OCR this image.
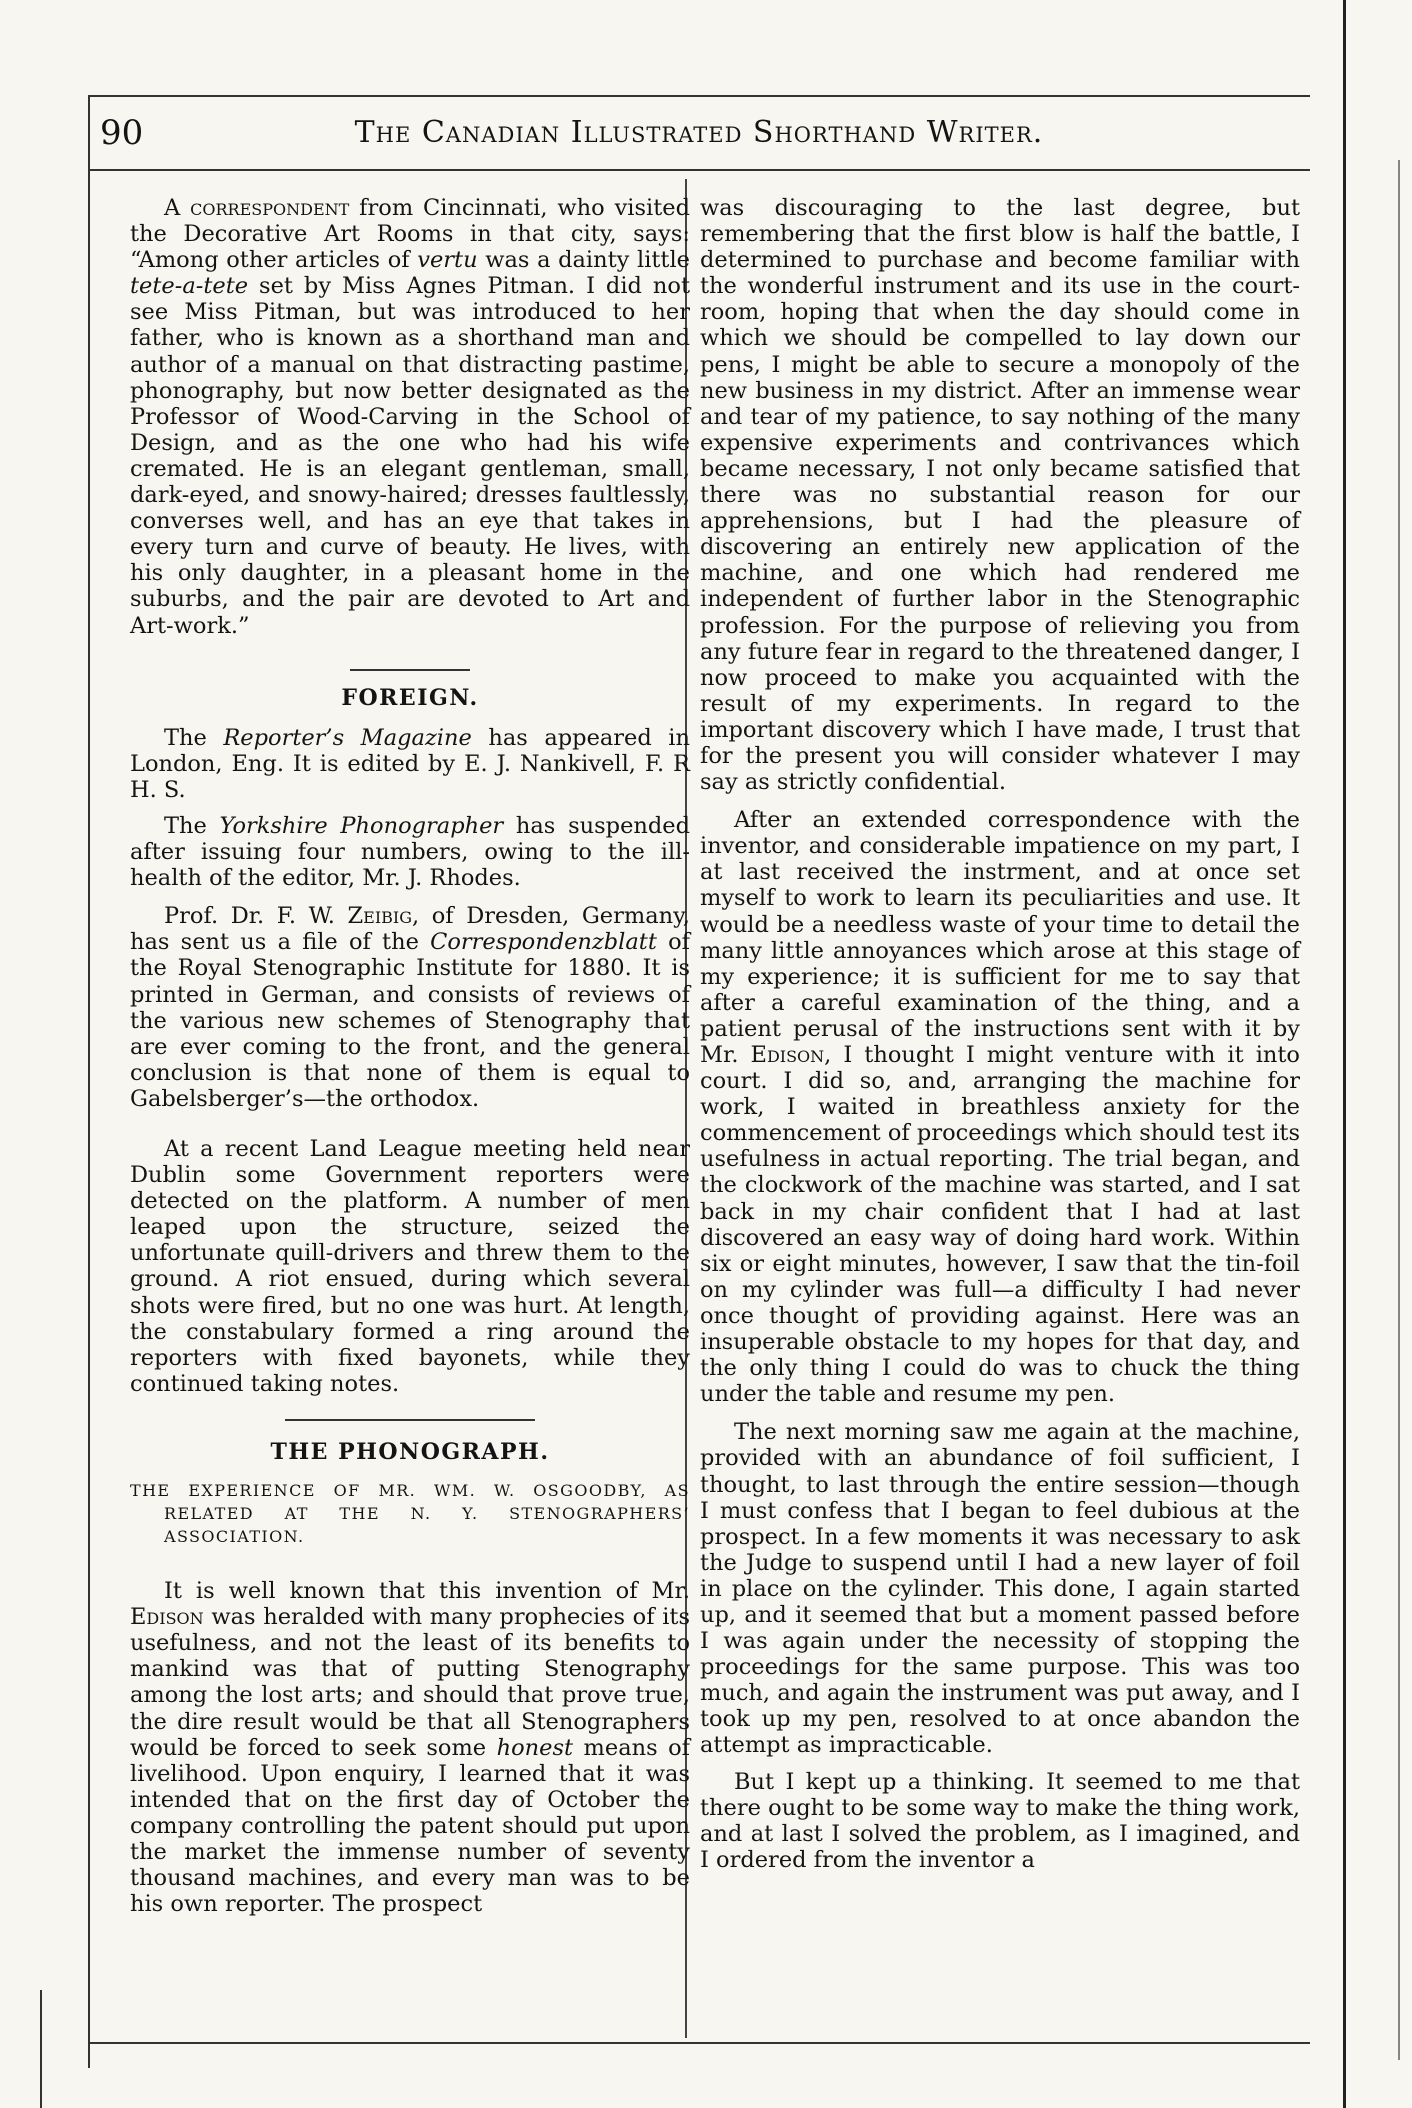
90	The Canadian Illustrated Shorthand Writer.

A correspondent from Cincinnati, who visited the Decorative Art Rooms in that city, says: “Among other articles of vertu was a dainty little tete-a-tete set by Miss Agnes Pitman. I did not see Miss Pitman, but was introduced to her father, who is known as a shorthand man and author of a manual on that distracting pastime, phonography, but now better designated as the Professor of Wood-Carving in the School of Design, and as the one who had his wife cremated. He is an elegant gentleman, small, dark-eyed, and snowy-haired; dresses faultlessly, converses well, and has an eye that takes in every turn and curve of beauty. He lives, with his only daughter, in a pleasant home in the suburbs, and the pair are devoted to Art and Art-work.”

FOREIGN.

The Reporter’s Magazine has appeared in London, Eng. It is edited by E. J. Nankivell, F. R H. S.

The Yorkshire Phonographer has suspended after issuing four numbers, owing to the ill-health of the editor, Mr. J. Rhodes.

Prof. Dr. F. W. Zeibig, of Dresden, Germany, has sent us a file of the Correspondenzblatt of the Royal Stenographic Institute for 1880. It is printed in German, and consists of reviews of the various new schemes of Stenography that are ever coming to the front, and the general conclusion is that none of them is equal to Gabelsberger’s—the orthodox.

At a recent Land League meeting held near Dublin some Government reporters were detected on the platform. A number of men leaped upon the structure, seized the unfortunate quill-drivers and threw them to the ground. A riot ensued, during which several shots were fired, but no one was hurt. At length, the constabulary formed a ring around the reporters with fixed bayonets, while they continued taking notes.

THE PHONOGRAPH.

THE EXPERIENCE OF MR. WM. W. OSGOODBY, AS RELATED AT THE N. Y. STENOGRAPHERS’ ASSOCIATION.

It is well known that this invention of Mr. Edison was heralded with many prophecies of its usefulness, and not the least of its benefits to mankind was that of putting Stenography among the lost arts; and should that prove true, the dire result would be that all Stenographers would be forced to seek some honest means of livelihood. Upon enquiry, I learned that it was intended that on the first day of October the company controlling the patent should put upon the market the immense number of seventy thousand machines, and every man was to be his own reporter. The prospect

was discouraging to the last degree, but remembering that the first blow is half the battle, I determined to purchase and become familiar with the wonderful instrument and its use in the court-room, hoping that when the day should come in which we should be compelled to lay down our pens, I might be able to secure a monopoly of the new business in my district. After an immense wear and tear of my patience, to say nothing of the many expensive experiments and contrivances which became necessary, I not only became satisfied that there was no substantial reason for our apprehensions, but I had the pleasure of discovering an entirely new application of the machine, and one which had rendered me independent of further labor in the Stenographic profession. For the purpose of relieving you from any future fear in regard to the threatened danger, I now proceed to make you acquainted with the result of my experiments. In regard to the important discovery which I have made, I trust that for the present you will consider whatever I may say as strictly confidential.

After an extended correspondence with the inventor, and considerable impatience on my part, I at last received the instrment, and at once set myself to work to learn its peculiarities and use. It would be a needless waste of your time to detail the many little annoyances which arose at this stage of my experience; it is sufficient for me to say that after a careful examination of the thing, and a patient perusal of the instructions sent with it by Mr. Edison, I thought I might venture with it into court. I did so, and, arranging the machine for work, I waited in breathless anxiety for the commencement of proceedings which should test its usefulness in actual reporting. The trial began, and the clockwork of the machine was started, and I sat back in my chair confident that I had at last discovered an easy way of doing hard work. Within six or eight minutes, however, I saw that the tin-foil on my cylinder was full—a difficulty I had never once thought of providing against. Here was an insuperable obstacle to my hopes for that day, and the only thing I could do was to chuck the thing under the table and resume my pen.

The next morning saw me again at the machine, provided with an abundance of foil sufficient, I thought, to last through the entire session—though I must confess that I began to feel dubious at the prospect. In a few moments it was necessary to ask the Judge to suspend until I had a new layer of foil in place on the cylinder. This done, I again started up, and it seemed that but a moment passed before I was again under the necessity of stopping the proceedings for the same purpose. This was too much, and again the instrument was put away, and I took up my pen, resolved to at once abandon the attempt as impracticable.

But I kept up a thinking. It seemed to me that there ought to be some way to make the thing work, and at last I solved the problem, as I imagined, and I ordered from the inventor a
